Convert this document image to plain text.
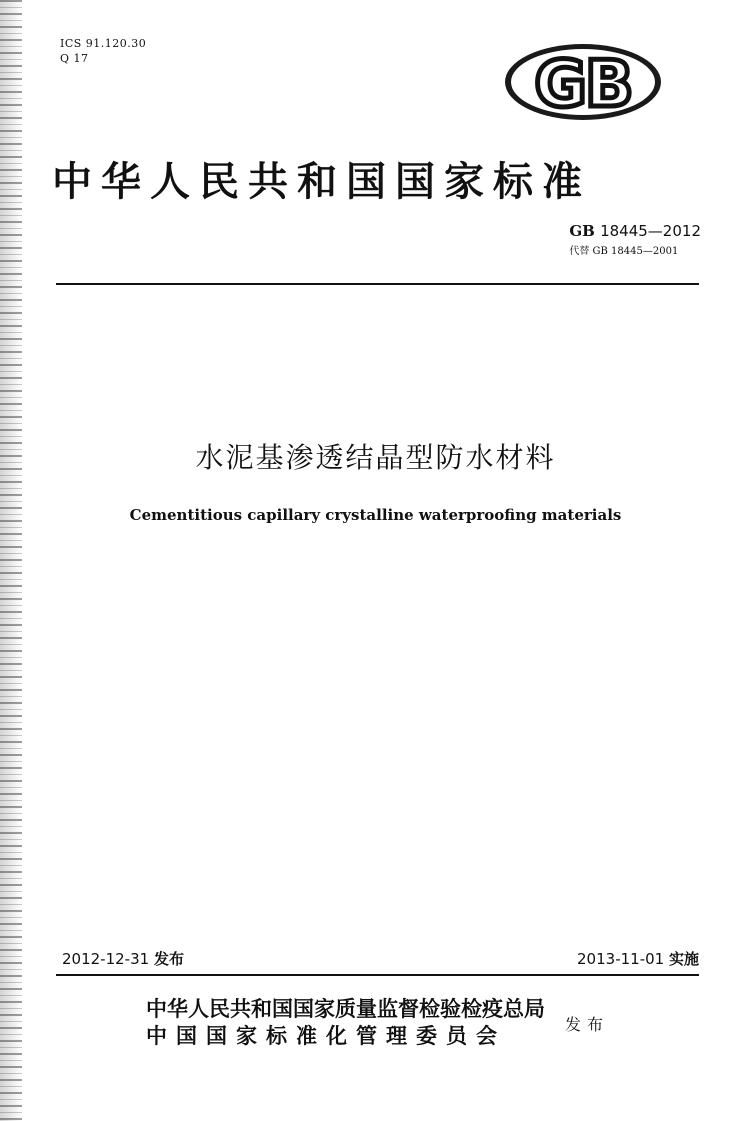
ICS 91.120.30
Q 17	GB
中华人民共和国国家标准
GB 18445—2012
代替 GB 18445—2001
水泥基渗透结晶型防水材料
Cementitious capillary crystalline waterproofing materials
2012-12-31 发布	2013-11-01 实施
中华人民共和国国家质量监督检验检疫总局
中国国家标准化管理委员会	发布
